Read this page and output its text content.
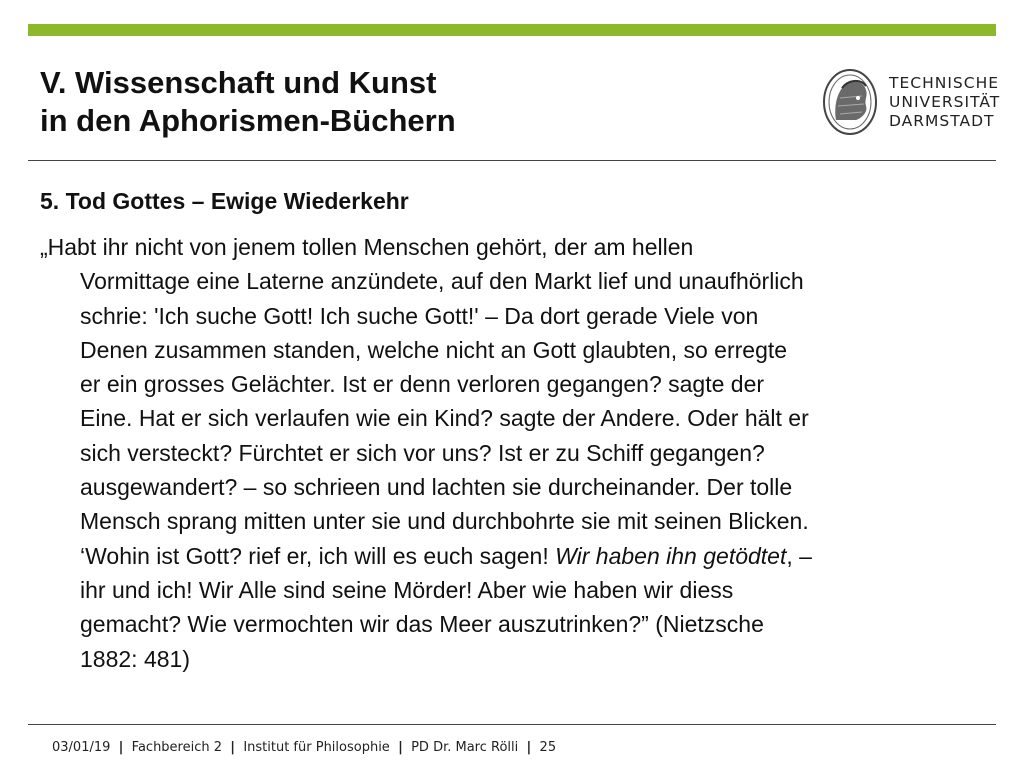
V. Wissenschaft und Kunst
in den Aphorismen-Büchern
TECHNISCHE
UNIVERSITÄT
DARMSTADT
5. Tod Gottes – Ewige Wiederkehr
„Habt ihr nicht von jenem tollen Menschen gehört, der am hellen
Vormittage eine Laterne anzündete, auf den Markt lief und unaufhörlich
schrie: 'Ich suche Gott! Ich suche Gott!' – Da dort gerade Viele von
Denen zusammen standen, welche nicht an Gott glaubten, so erregte
er ein grosses Gelächter. Ist er denn verloren gegangen? sagte der
Eine. Hat er sich verlaufen wie ein Kind? sagte der Andere. Oder hält er
sich versteckt? Fürchtet er sich vor uns? Ist er zu Schiff gegangen?
ausgewandert? – so schrieen und lachten sie durcheinander. Der tolle
Mensch sprang mitten unter sie und durchbohrte sie mit seinen Blicken.
‘Wohin ist Gott? rief er, ich will es euch sagen! Wir haben ihn getödtet, –
ihr und ich! Wir Alle sind seine Mörder! Aber wie haben wir diess
gemacht? Wie vermochten wir das Meer auszutrinken?” (Nietzsche
1882: 481)
03/01/19 | Fachbereich 2 | Institut für Philosophie | PD Dr. Marc Rölli | 25
